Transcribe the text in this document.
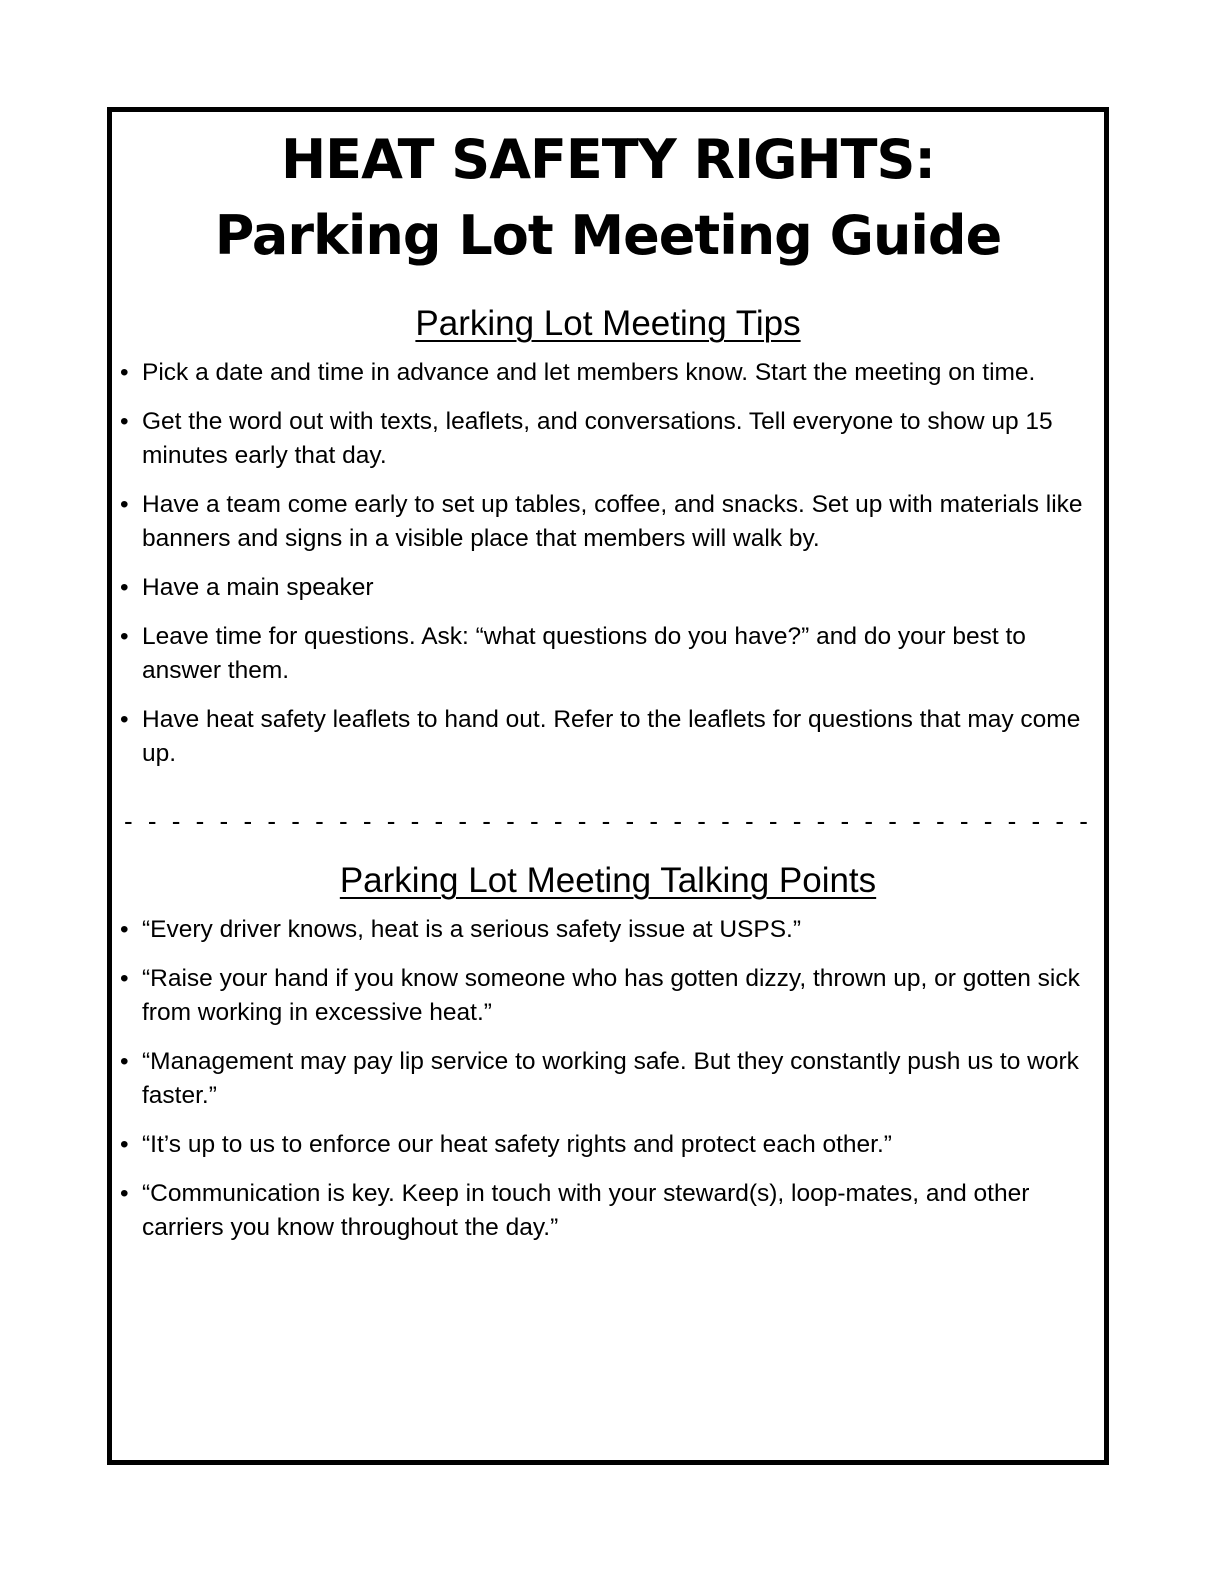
HEAT SAFETY RIGHTS:
Parking Lot Meeting Guide
Parking Lot Meeting Tips
• Pick a date and time in advance and let members know. Start the meeting on time.
• Get the word out with texts, leaflets, and conversations. Tell everyone to show up 15 minutes early that day.
• Have a team come early to set up tables, coffee, and snacks. Set up with materials like banners and signs in a visible place that members will walk by.
• Have a main speaker
• Leave time for questions. Ask: “what questions do you have?” and do your best to answer them.
• Have heat safety leaflets to hand out. Refer to the leaflets for questions that may come up.
- - - - - - - - - - - - - - - - - - - - - - - - - - - - - - - - - - - - - - - - -
Parking Lot Meeting Talking Points
• “Every driver knows, heat is a serious safety issue at USPS.”
• “Raise your hand if you know someone who has gotten dizzy, thrown up, or gotten sick from working in excessive heat.”
• “Management may pay lip service to working safe. But they constantly push us to work faster.”
• “It’s up to us to enforce our heat safety rights and protect each other.”
• “Communication is key. Keep in touch with your steward(s), loop-mates, and other carriers you know throughout the day.”
